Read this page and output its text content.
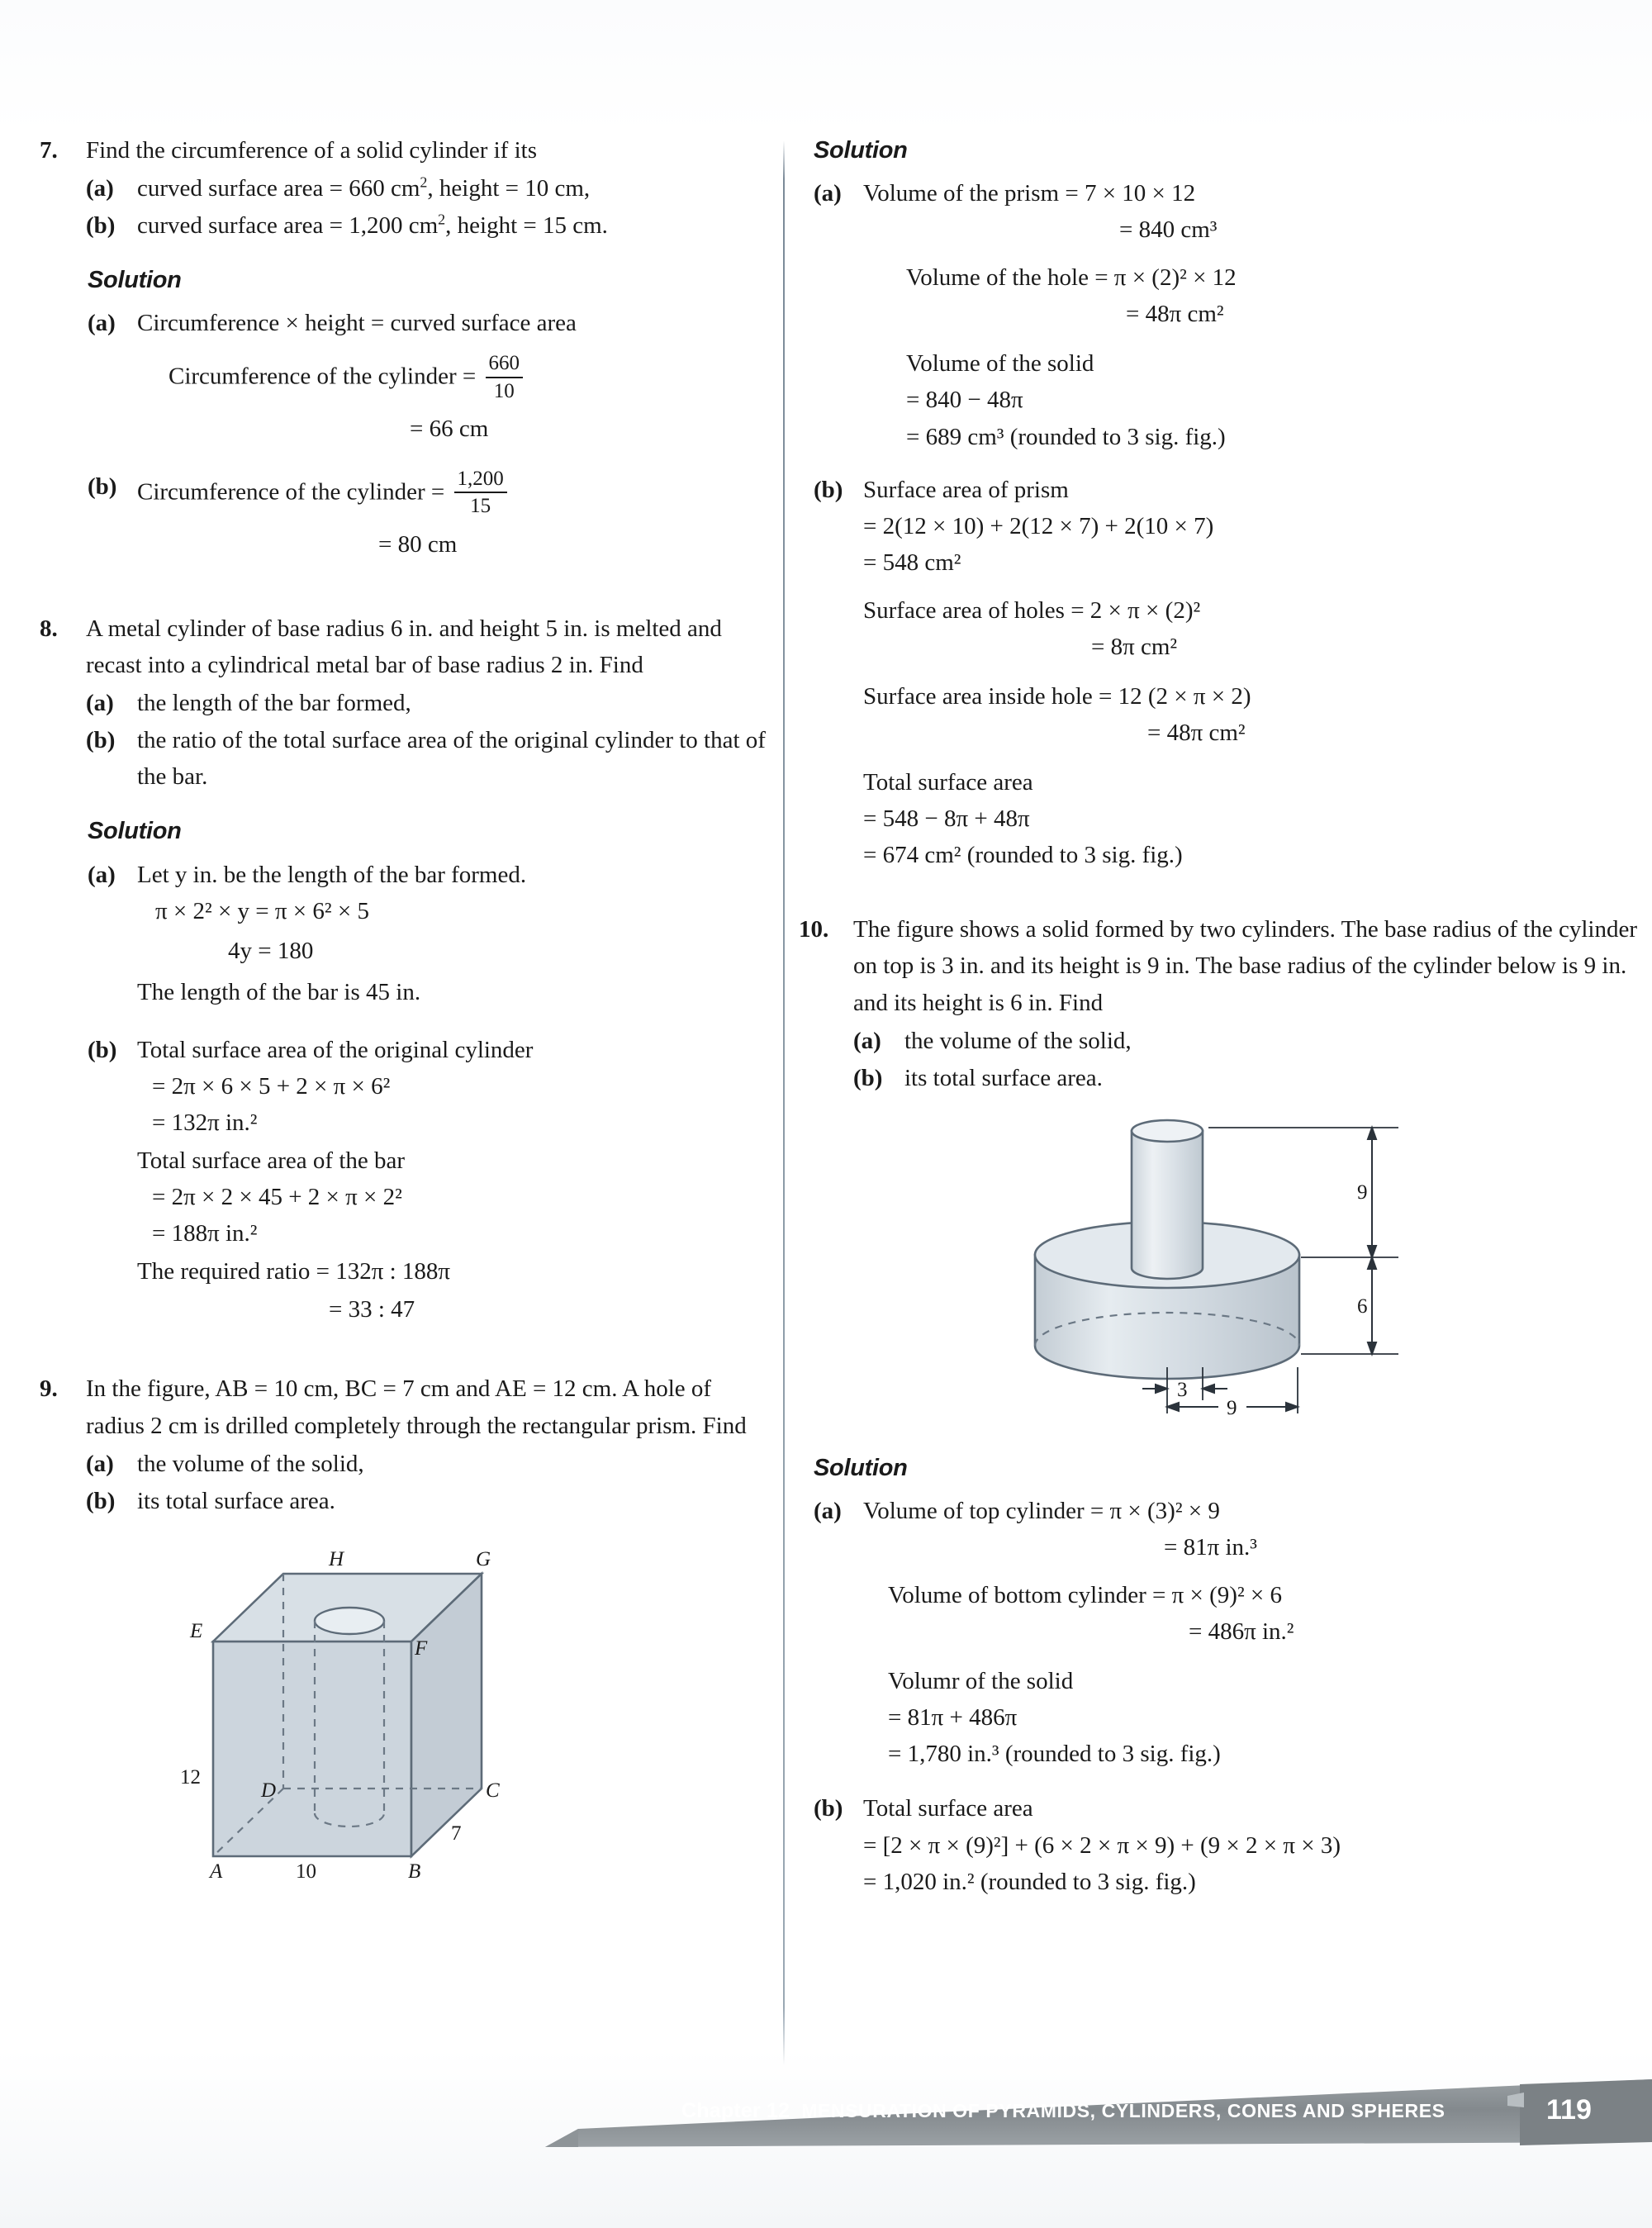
7.	Find the circumference of a solid cylinder if its
(a) curved surface area = 660 $cm^2$, height = 10 cm,
(b) curved surface area = 1,200 $cm^2$, height = 15 cm.
Solution
(a) Circumference × height = curved surface area
Circumference of the cylinder = $\frac{660}{10}$
= 66 cm
(b) Circumference of the cylinder = $\frac{1,200}{15}$
= 80 cm
8.	A metal cylinder of base radius 6 in. and height 5 in. is melted and recast into a cylindrical metal bar of base radius 2 in. Find
(a) the length of the bar formed,
(b) the ratio of the total surface area of the original cylinder to that of the bar.
Solution
(a) Let y in. be the length of the bar formed.
π × 2² × y = π × 6² × 5
4y = 180
The length of the bar is 45 in.
(b) Total surface area of the original cylinder
= 2π × 6 × 5 + 2 × π × 6²
= 132π in.²
Total surface area of the bar
= 2π × 2 × 45 + 2 × π × 2²
= 188π in.²
The required ratio = 132π : 188π
= 33 : 47
9.	In the figure, AB = 10 cm, BC = 7 cm and AE = 12 cm. A hole of radius 2 cm is drilled completely through the rectangular prism. Find
(a) the volume of the solid,
(b) its total surface area.
H	G
E
F
D	C
A	B
12
10
7
Solution
(a) Volume of the prism = 7 × 10 × 12
= 840 cm³
Volume of the hole = π × (2)² × 12
= 48π cm²
Volume of the solid
= 840 − 48π
= 689 cm³ (rounded to 3 sig. fig.)
(b) Surface area of prism
= 2(12 × 10) + 2(12 × 7) + 2(10 × 7)
= 548 cm²
Surface area of holes = 2 × π × (2)²
= 8π cm²
Surface area inside hole = 12 (2 × π × 2)
= 48π cm²
Total surface area
= 548 − 8π + 48π
= 674 cm² (rounded to 3 sig. fig.)
10.	The figure shows a solid formed by two cylinders. The base radius of the cylinder on top is 3 in. and its height is 9 in. The base radius of the cylinder below is 9 in. and its height is 6 in. Find
(a) the volume of the solid,
(b) its total surface area.
9
6
3
9
Solution
(a) Volume of top cylinder = π × (3)² × 9
= 81π in.³
Volume of bottom cylinder = π × (9)² × 6
= 486π in.²
Volumr of the solid
= 81π + 486π
= 1,780 in.³ (rounded to 3 sig. fig.)
(b) Total surface area
= [2 × π × (9)²] + (6 × 2 × π × 9) + (9 × 2 × π × 3)
= 1,020 in.² (rounded to 3 sig. fig.)
Chapter 12 MENSURATION OF PYRAMIDS, CYLINDERS, CONES AND SPHERES	119
